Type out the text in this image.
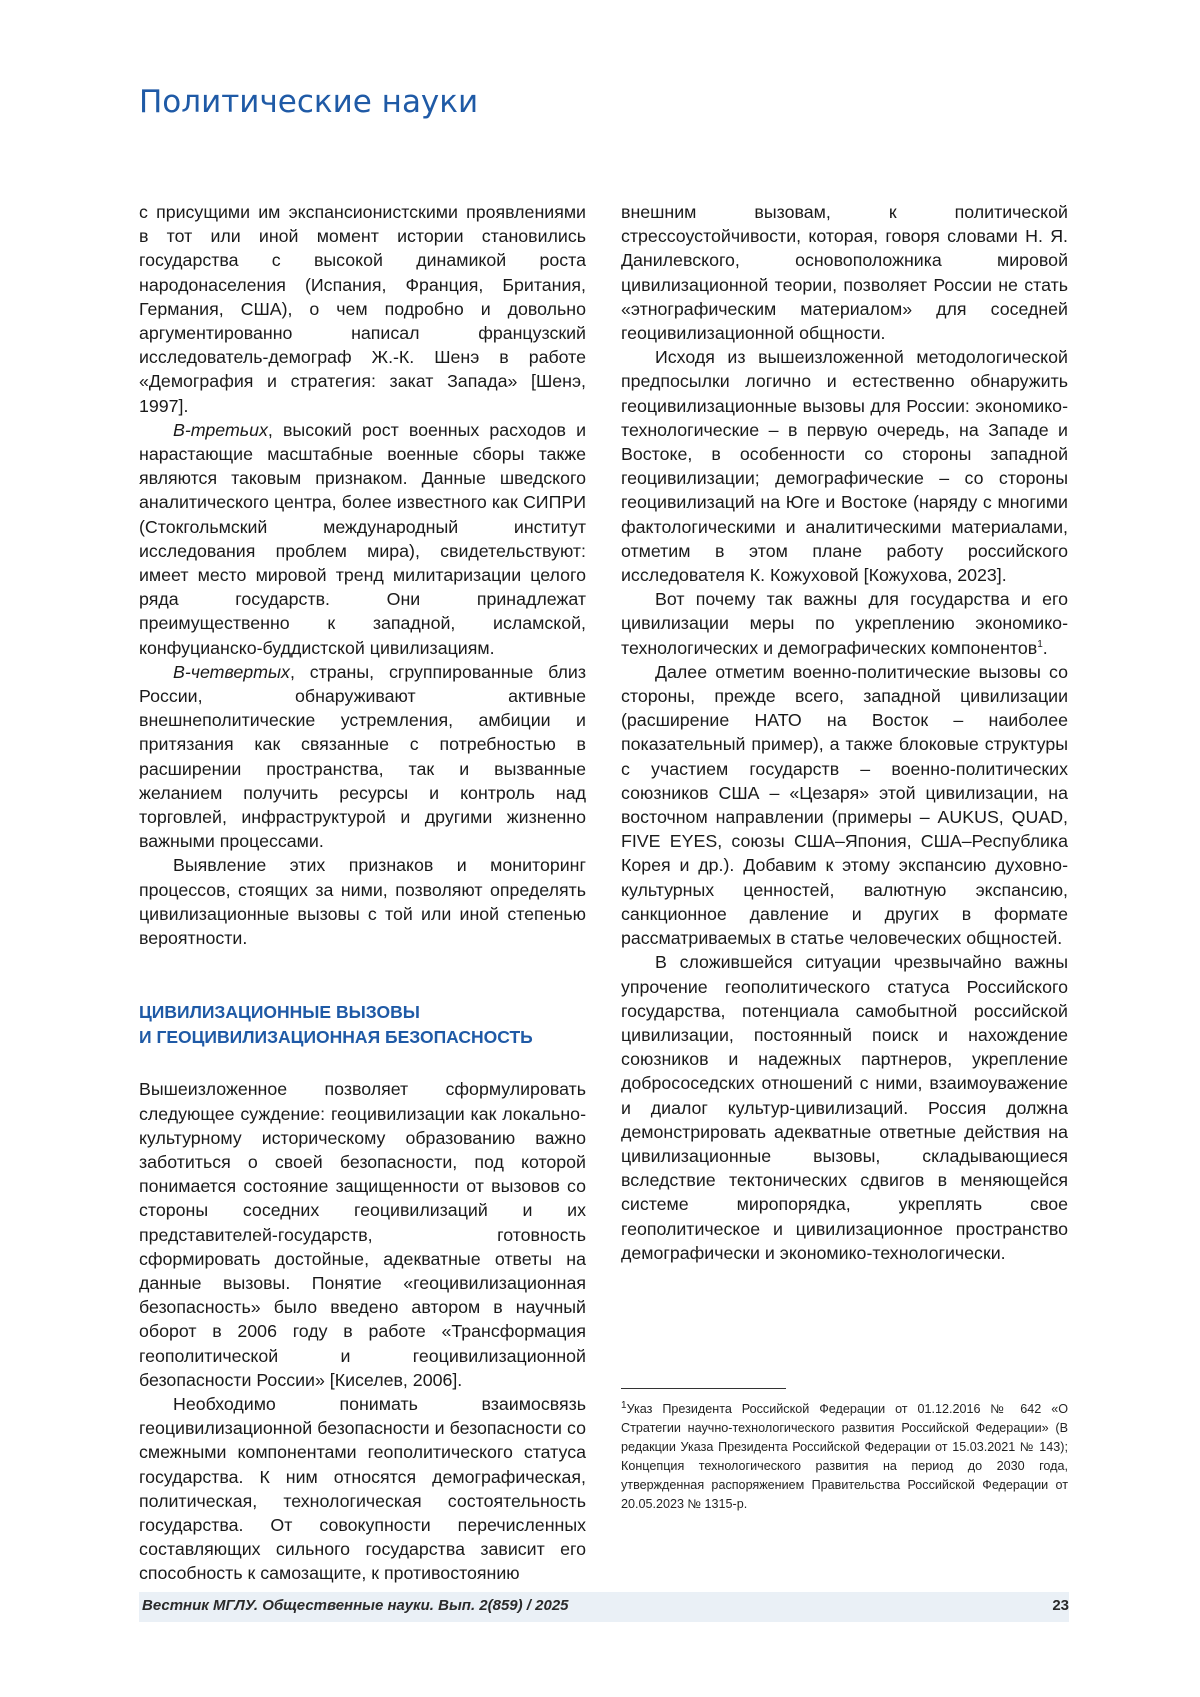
Политические науки

с присущими им экспансионистскими проявлениями в тот или иной момент истории становились государства с высокой динамикой роста народонаселения (Испания, Франция, Британия, Германия, США), о чем подробно и довольно аргументированно написал французский исследователь-демограф Ж.-К. Шенэ в работе «Демография и стратегия: закат Запада» [Шенэ, 1997].

В-третьих, высокий рост военных расходов и нарастающие масштабные военные сборы также являются таковым признаком. Данные шведского аналитического центра, более известного как СИПРИ (Стокгольмский международный институт исследования проблем мира), свидетельствуют: имеет место мировой тренд милитаризации целого ряда государств. Они принадлежат преимущественно к западной, исламской, конфуцианско-буддистской цивилизациям.

В-четвертых, страны, сгруппированные близ России, обнаруживают активные внешнеполитические устремления, амбиции и притязания как связанные с потребностью в расширении пространства, так и вызванные желанием получить ресурсы и контроль над торговлей, инфраструктурой и другими жизненно важными процессами.

Выявление этих признаков и мониторинг процессов, стоящих за ними, позволяют определять цивилизационные вызовы с той или иной степенью вероятности.

ЦИВИЛИЗАЦИОННЫЕ ВЫЗОВЫ
И ГЕОЦИВИЛИЗАЦИОННАЯ БЕЗОПАСНОСТЬ

Вышеизложенное позволяет сформулировать следующее суждение: геоцивилизации как локально-культурному историческому образованию важно заботиться о своей безопасности, под которой понимается состояние защищенности от вызовов со стороны соседних геоцивилизаций и их представителей-государств, готовность сформировать достойные, адекватные ответы на данные вызовы. Понятие «геоцивилизационная безопасность» было введено автором в научный оборот в 2006 году в работе «Трансформация геополитической и геоцивилизационной безопасности России» [Киселев, 2006].

Необходимо понимать взаимосвязь геоцивилизационной безопасности и безопасности со смежными компонентами геополитического статуса государства. К ним относятся демографическая, политическая, технологическая состоятельность государства. От совокупности перечисленных составляющих сильного государства зависит его способность к самозащите, к противостоянию

внешним вызовам, к политической стрессоустойчивости, которая, говоря словами Н. Я. Данилевского, основоположника мировой цивилизационной теории, позволяет России не стать «этнографическим материалом» для соседней геоцивилизационной общности.

Исходя из вышеизложенной методологической предпосылки логично и естественно обнаружить геоцивилизационные вызовы для России: экономико-технологические – в первую очередь, на Западе и Востоке, в особенности со стороны западной геоцивилизации; демографические – со стороны геоцивилизаций на Юге и Востоке (наряду с многими фактологическими и аналитическими материалами, отметим в этом плане работу российского исследователя К. Кожуховой [Кожухова, 2023].

Вот почему так важны для государства и его цивилизации меры по укреплению экономико-технологических и демографических компонентов$^1$.

Далее отметим военно-политические вызовы со стороны, прежде всего, западной цивилизации (расширение НАТО на Восток – наиболее показательный пример), а также блоковые структуры с участием государств – военно-политических союзников США – «Цезаря» этой цивилизации, на восточном направлении (примеры – AUKUS, QUAD, FIVE EYES, союзы США–Япония, США–Республика Корея и др.). Добавим к этому экспансию духовно-культурных ценностей, валютную экспансию, санкционное давление и других в формате рассматриваемых в статье человеческих общностей.

В сложившейся ситуации чрезвычайно важны упрочение геополитического статуса Российского государства, потенциала самобытной российской цивилизации, постоянный поиск и нахождение союзников и надежных партнеров, укрепление добрососедских отношений с ними, взаимоуважение и диалог культур-цивилизаций. Россия должна демонстрировать адекватные ответные действия на цивилизационные вызовы, складывающиеся вследствие тектонических сдвигов в меняющейся системе миропорядка, укреплять свое геополитическое и цивилизационное пространство демографически и экономико-технологически.

$^1$Указ Президента Российской Федерации от 01.12.2016 № 642 «О Стратегии научно-технологического развития Российской Федерации» (В редакции Указа Президента Российской Федерации от 15.03.2021 № 143); Концепция технологического развития на период до 2030 года, утвержденная распоряжением Правительства Российской Федерации от 20.05.2023 № 1315-р.
Вестник МГЛУ. Общественные науки. Вып. 2(859) / 2025	23
